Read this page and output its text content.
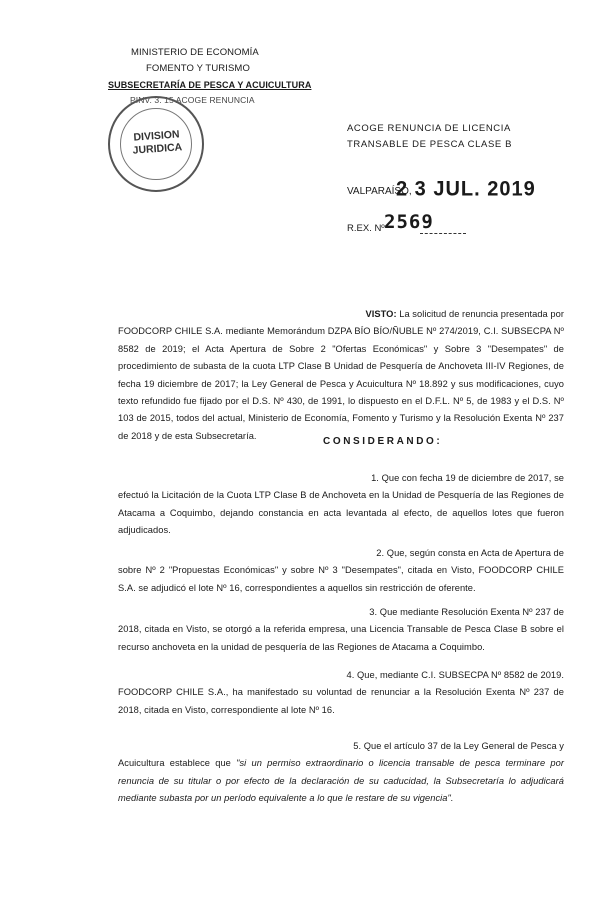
MINISTERIO DE ECONOMÍA
FOMENTO Y TURISMO
SUBSECRETARÍA DE PESCA Y ACUICULTURA
PINV. 3. 15 ACOGE RENUNCIA
DIVISION
JURIDICA
ACOGE RENUNCIA DE LICENCIA TRANSABLE DE PESCA CLASE B
VALPARAÍSO,
2 3 JUL. 2019
R.EX. Nº 2569
VISTO: La solicitud de renuncia presentada por
FOODCORP CHILE S.A. mediante Memorándum DZPA BÍO BÍO/ÑUBLE Nº 274/2019, C.I. SUBSECPA Nº 8582 de 2019; el Acta Apertura de Sobre 2 "Ofertas Económicas" y Sobre 3 "Desempates" de procedimiento de subasta de la cuota LTP Clase B Unidad de Pesquería de Anchoveta III-IV Regiones, de fecha 19 diciembre de 2017; la Ley General de Pesca y Acuicultura Nº 18.892 y sus modificaciones, cuyo texto refundido fue fijado por el D.S. Nº 430, de 1991, lo dispuesto en el D.F.L. Nº 5, de 1983 y el D.S. Nº 103 de 2015, todos del actual, Ministerio de Economía, Fomento y Turismo y la Resolución Exenta Nº 237 de 2018 y de esta Subsecretaría.
CONSIDERANDO:
1. Que con fecha 19 de diciembre de 2017, se
efectuó la Licitación de la Cuota LTP Clase B de Anchoveta en la Unidad de Pesquería de las Regiones de Atacama a Coquimbo, dejando constancia en acta levantada al efecto, de aquellos lotes que fueron adjudicados.
2. Que, según consta en Acta de Apertura de
sobre Nº 2 "Propuestas Económicas" y sobre Nº 3 "Desempates", citada en Visto, FOODCORP CHILE S.A. se adjudicó el lote Nº 16, correspondientes a aquellos sin restricción de oferente.
3. Que mediante Resolución Exenta Nº 237 de
2018, citada en Visto, se otorgó a la referida empresa, una Licencia Transable de Pesca Clase B sobre el recurso anchoveta en la unidad de pesquería de las Regiones de Atacama a Coquimbo.
4. Que, mediante C.I. SUBSECPA Nº 8582 de 2019.
FOODCORP CHILE S.A., ha manifestado su voluntad de renunciar a la Resolución Exenta Nº 237 de 2018, citada en Visto, correspondiente al lote Nº 16.
5. Que el artículo 37 de la Ley General de Pesca y
Acuicultura establece que "si un permiso extraordinario o licencia transable de pesca terminare por renuncia de su titular o por efecto de la declaración de su caducidad, la Subsecretaría lo adjudicará mediante subasta por un período equivalente a lo que le restare de su vigencia".
